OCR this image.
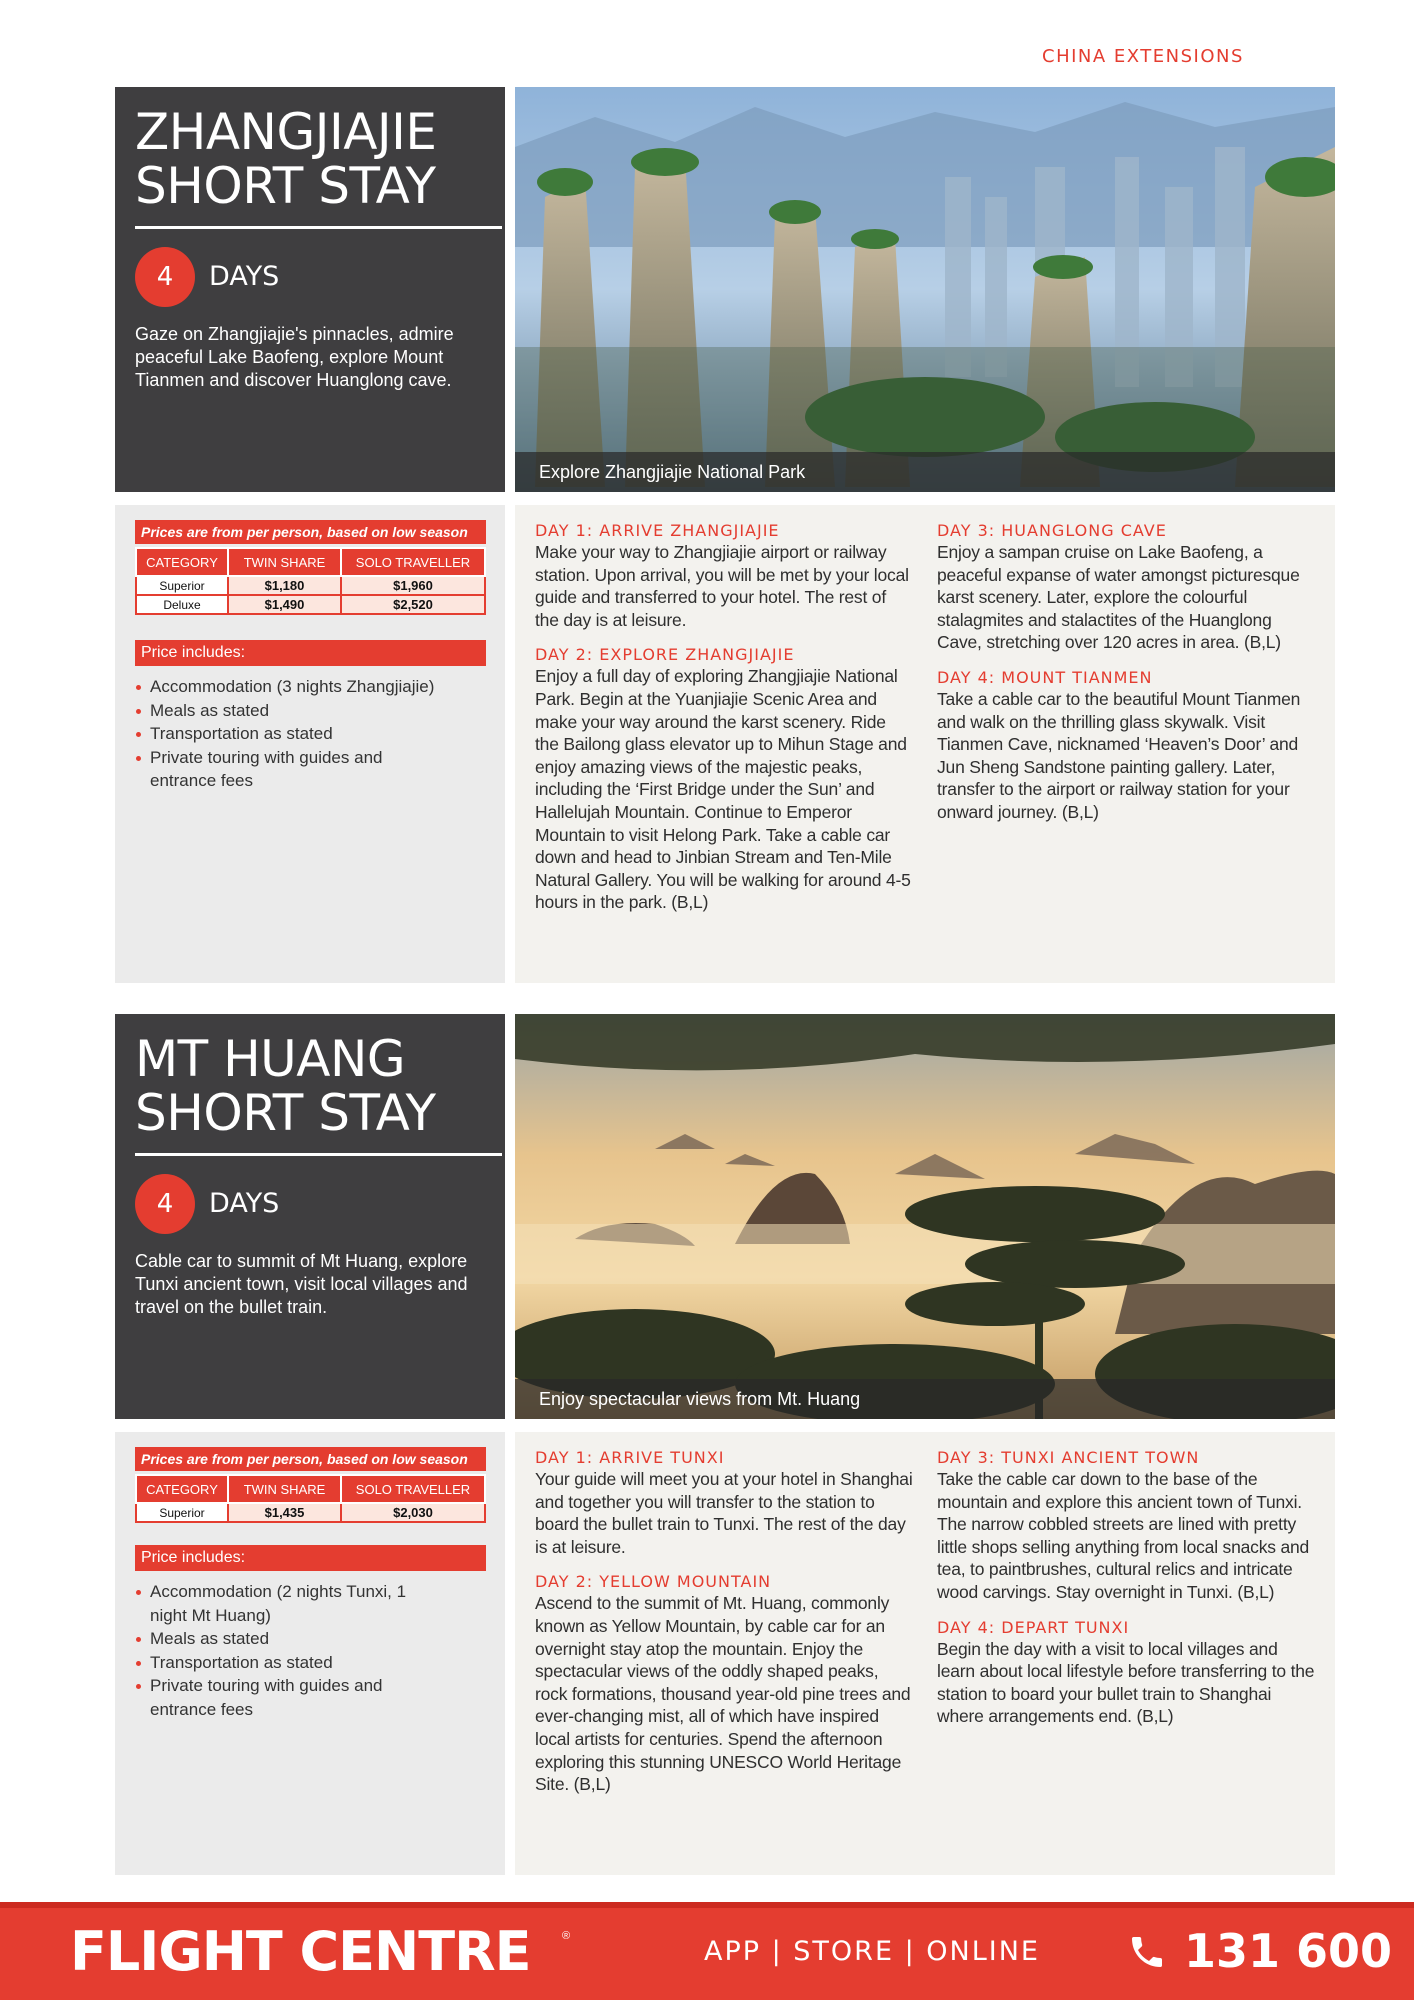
CHINA EXTENSIONS
ZHANGJIAJIE
SHORT STAY
4	DAYS
Gaze on Zhangjiajie's pinnacles, admire peaceful Lake Baofeng, explore Mount Tianmen and discover Huanglong cave.
Explore Zhangjiajie National Park
Prices are from per person, based on low season
CATEGORY	TWIN SHARE	SOLO TRAVELLER
Superior	$1,180	$1,960
Deluxe	$1,490	$2,520
Price includes:
Accommodation (3 nights Zhangjiajie)
Meals as stated
Transportation as stated
Private touring with guides and entrance fees
DAY 1: ARRIVE ZHANGJIAJIE
Make your way to Zhangjiajie airport or railway station. Upon arrival, you will be met by your local guide and transferred to your hotel. The rest of the day is at leisure.
DAY 2: EXPLORE ZHANGJIAJIE
Enjoy a full day of exploring Zhangjiajie National Park. Begin at the Yuanjiajie Scenic Area and make your way around the karst scenery. Ride the Bailong glass elevator up to Mihun Stage and enjoy amazing views of the majestic peaks, including the ‘First Bridge under the Sun’ and Hallelujah Mountain. Continue to Emperor Mountain to visit Helong Park. Take a cable car down and head to Jinbian Stream and Ten-Mile Natural Gallery. You will be walking for around 4-5 hours in the park. (B,L)
DAY 3: HUANGLONG CAVE
Enjoy a sampan cruise on Lake Baofeng, a peaceful expanse of water amongst picturesque karst scenery. Later, explore the colourful stalagmites and stalactites of the Huanglong Cave, stretching over 120 acres in area. (B,L)
DAY 4: MOUNT TIANMEN
Take a cable car to the beautiful Mount Tianmen and walk on the thrilling glass skywalk. Visit Tianmen Cave, nicknamed ‘Heaven’s Door’ and Jun Sheng Sandstone painting gallery. Later, transfer to the airport or railway station for your onward journey. (B,L)
MT HUANG
SHORT STAY
4	DAYS
Cable car to summit of Mt Huang, explore Tunxi ancient town, visit local villages and travel on the bullet train.
Enjoy spectacular views from Mt. Huang
Prices are from per person, based on low season
CATEGORY	TWIN SHARE	SOLO TRAVELLER
Superior	$1,435	$2,030
Price includes:
Accommodation (2 nights Tunxi, 1 night Mt Huang)
Meals as stated
Transportation as stated
Private touring with guides and entrance fees
DAY 1: ARRIVE TUNXI
Your guide will meet you at your hotel in Shanghai and together you will transfer to the station to board the bullet train to Tunxi. The rest of the day is at leisure.
DAY 2: YELLOW MOUNTAIN
Ascend to the summit of Mt. Huang, commonly known as Yellow Mountain, by cable car for an overnight stay atop the mountain. Enjoy the spectacular views of the oddly shaped peaks, rock formations, thousand year-old pine trees and ever-changing mist, all of which have inspired local artists for centuries. Spend the afternoon exploring this stunning UNESCO World Heritage Site. (B,L)
DAY 3: TUNXI ANCIENT TOWN
Take the cable car down to the base of the mountain and explore this ancient town of Tunxi. The narrow cobbled streets are lined with pretty little shops selling anything from local snacks and tea, to paintbrushes, cultural relics and intricate wood carvings. Stay overnight in Tunxi. (B,L)
DAY 4: DEPART TUNXI
Begin the day with a visit to local villages and learn about local lifestyle before transferring to the station to board your bullet train to Shanghai where arrangements end. (B,L)
FLIGHT CENTRE	®	APP | STORE | ONLINE	131 600
